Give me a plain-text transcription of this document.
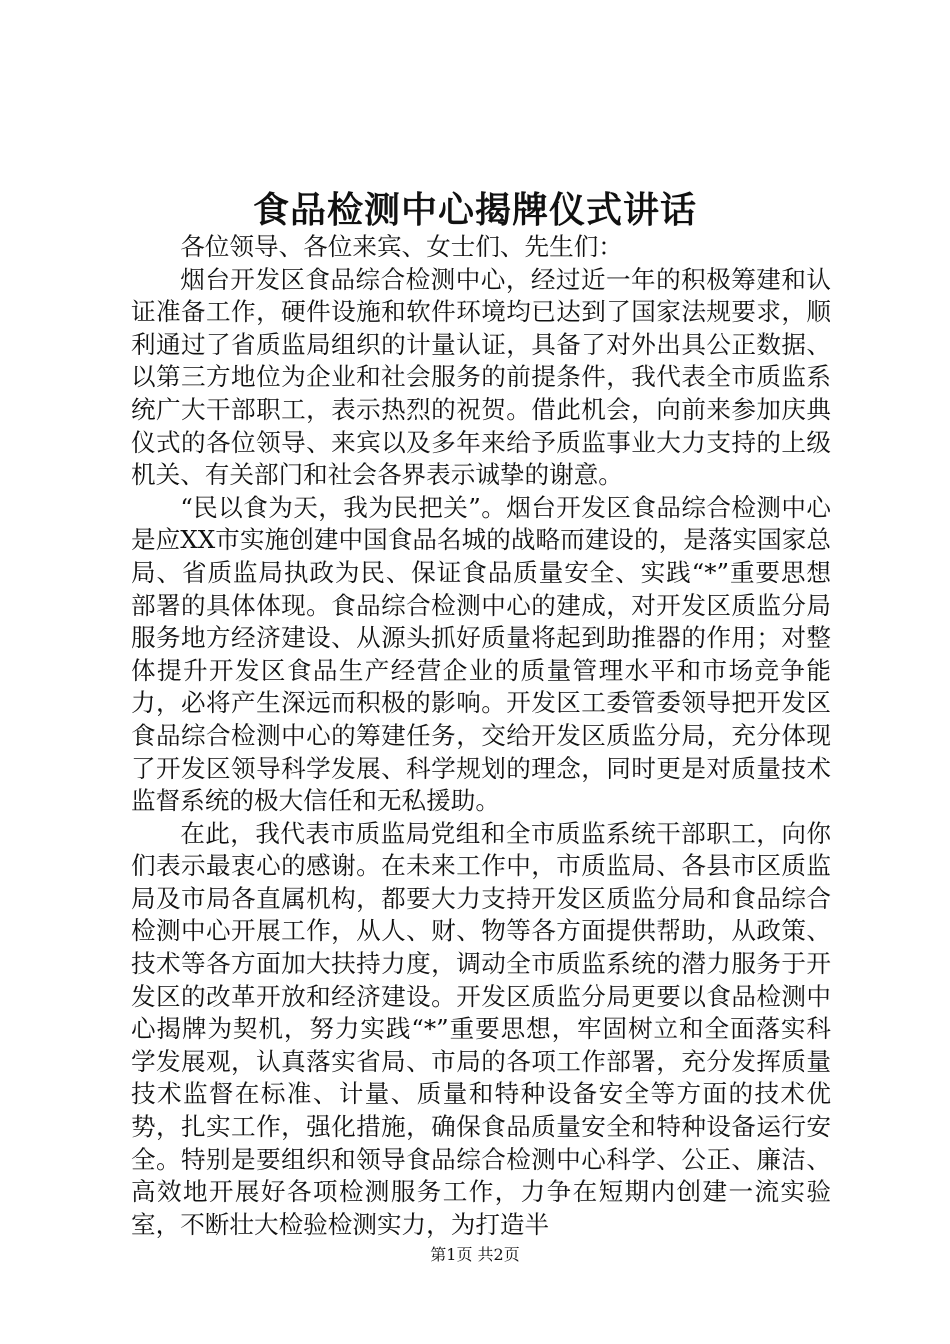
食品检测中心揭牌仪式讲话

各位领导、各位来宾、女士们、先生们：

烟台开发区食品综合检测中心，经过近一年的积极筹建和认证准备工作，硬件设施和软件环境均已达到了国家法规要求，顺利通过了省质监局组织的计量认证，具备了对外出具公正数据、以第三方地位为企业和社会服务的前提条件，我代表全市质监系统广大干部职工，表示热烈的祝贺。借此机会，向前来参加庆典仪式的各位领导、来宾以及多年来给予质监事业大力支持的上级机关、有关部门和社会各界表示诚挚的谢意。

“民以食为天，我为民把关”。烟台开发区食品综合检测中心是应XX市实施创建中国食品名城的战略而建设的，是落实国家总局、省质监局执政为民、保证食品质量安全、实践“*”重要思想部署的具体体现。食品综合检测中心的建成，对开发区质监分局服务地方经济建设、从源头抓好质量将起到助推器的作用；对整体提升开发区食品生产经营企业的质量管理水平和市场竞争能力，必将产生深远而积极的影响。开发区工委管委领导把开发区食品综合检测中心的筹建任务，交给开发区质监分局，充分体现了开发区领导科学发展、科学规划的理念，同时更是对质量技术监督系统的极大信任和无私援助。

在此，我代表市质监局党组和全市质监系统干部职工，向你们表示最衷心的感谢。在未来工作中，市质监局、各县市区质监局及市局各直属机构，都要大力支持开发区质监分局和食品综合检测中心开展工作，从人、财、物等各方面提供帮助，从政策、技术等各方面加大扶持力度，调动全市质监系统的潜力服务于开发区的改革开放和经济建设。开发区质监分局更要以食品检测中心揭牌为契机，努力实践“*”重要思想，牢固树立和全面落实科学发展观，认真落实省局、市局的各项工作部署，充分发挥质量技术监督在标准、计量、质量和特种设备安全等方面的技术优势，扎实工作，强化措施，确保食品质量安全和特种设备运行安全。特别是要组织和领导食品综合检测中心科学、公正、廉洁、高效地开展好各项检测服务工作，力争在短期内创建一流实验室，不断壮大检验检测实力，为打造半

第1页 共2页
